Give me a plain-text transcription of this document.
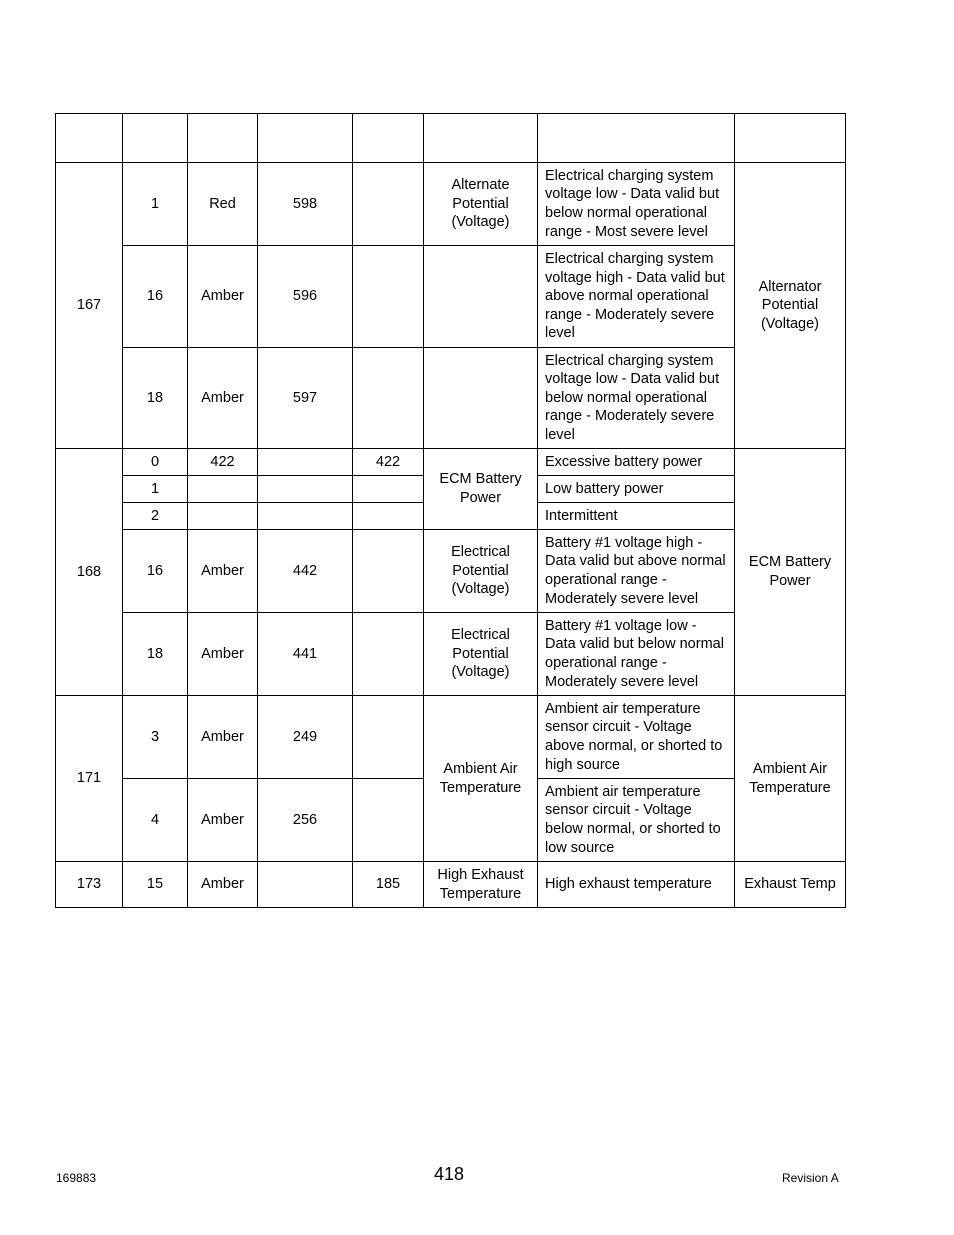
167	1	Red	598		Alternate Potential (Voltage)	Electrical charging system voltage low - Data valid but below normal operational range - Most severe level	Alternator Potential (Voltage)
	16	Amber	596			Electrical charging system voltage high - Data valid but above normal operational range - Moderately severe level	
	18	Amber	597			Electrical charging system voltage low - Data valid but below normal operational range - Moderately severe level	
168	0	422		422	ECM Battery Power	Excessive battery power	ECM Battery Power
	1					Low battery power	
	2					Intermittent	
	16	Amber	442		Electrical Potential (Voltage)	Battery #1 voltage high - Data valid but above normal operational range - Moderately severe level	
	18	Amber	441		Electrical Potential (Voltage)	Battery #1 voltage low - Data valid but below normal operational range - Moderately severe level	
171	3	Amber	249		Ambient Air Temperature	Ambient air temperature sensor circuit - Voltage above normal, or shorted to high source	Ambient Air Temperature
	4	Amber	256			Ambient air temperature sensor circuit - Voltage below normal, or shorted to low source	
173	15	Amber		185	High Exhaust Temperature	High exhaust temperature	Exhaust Temp
169883	418	Revision A
